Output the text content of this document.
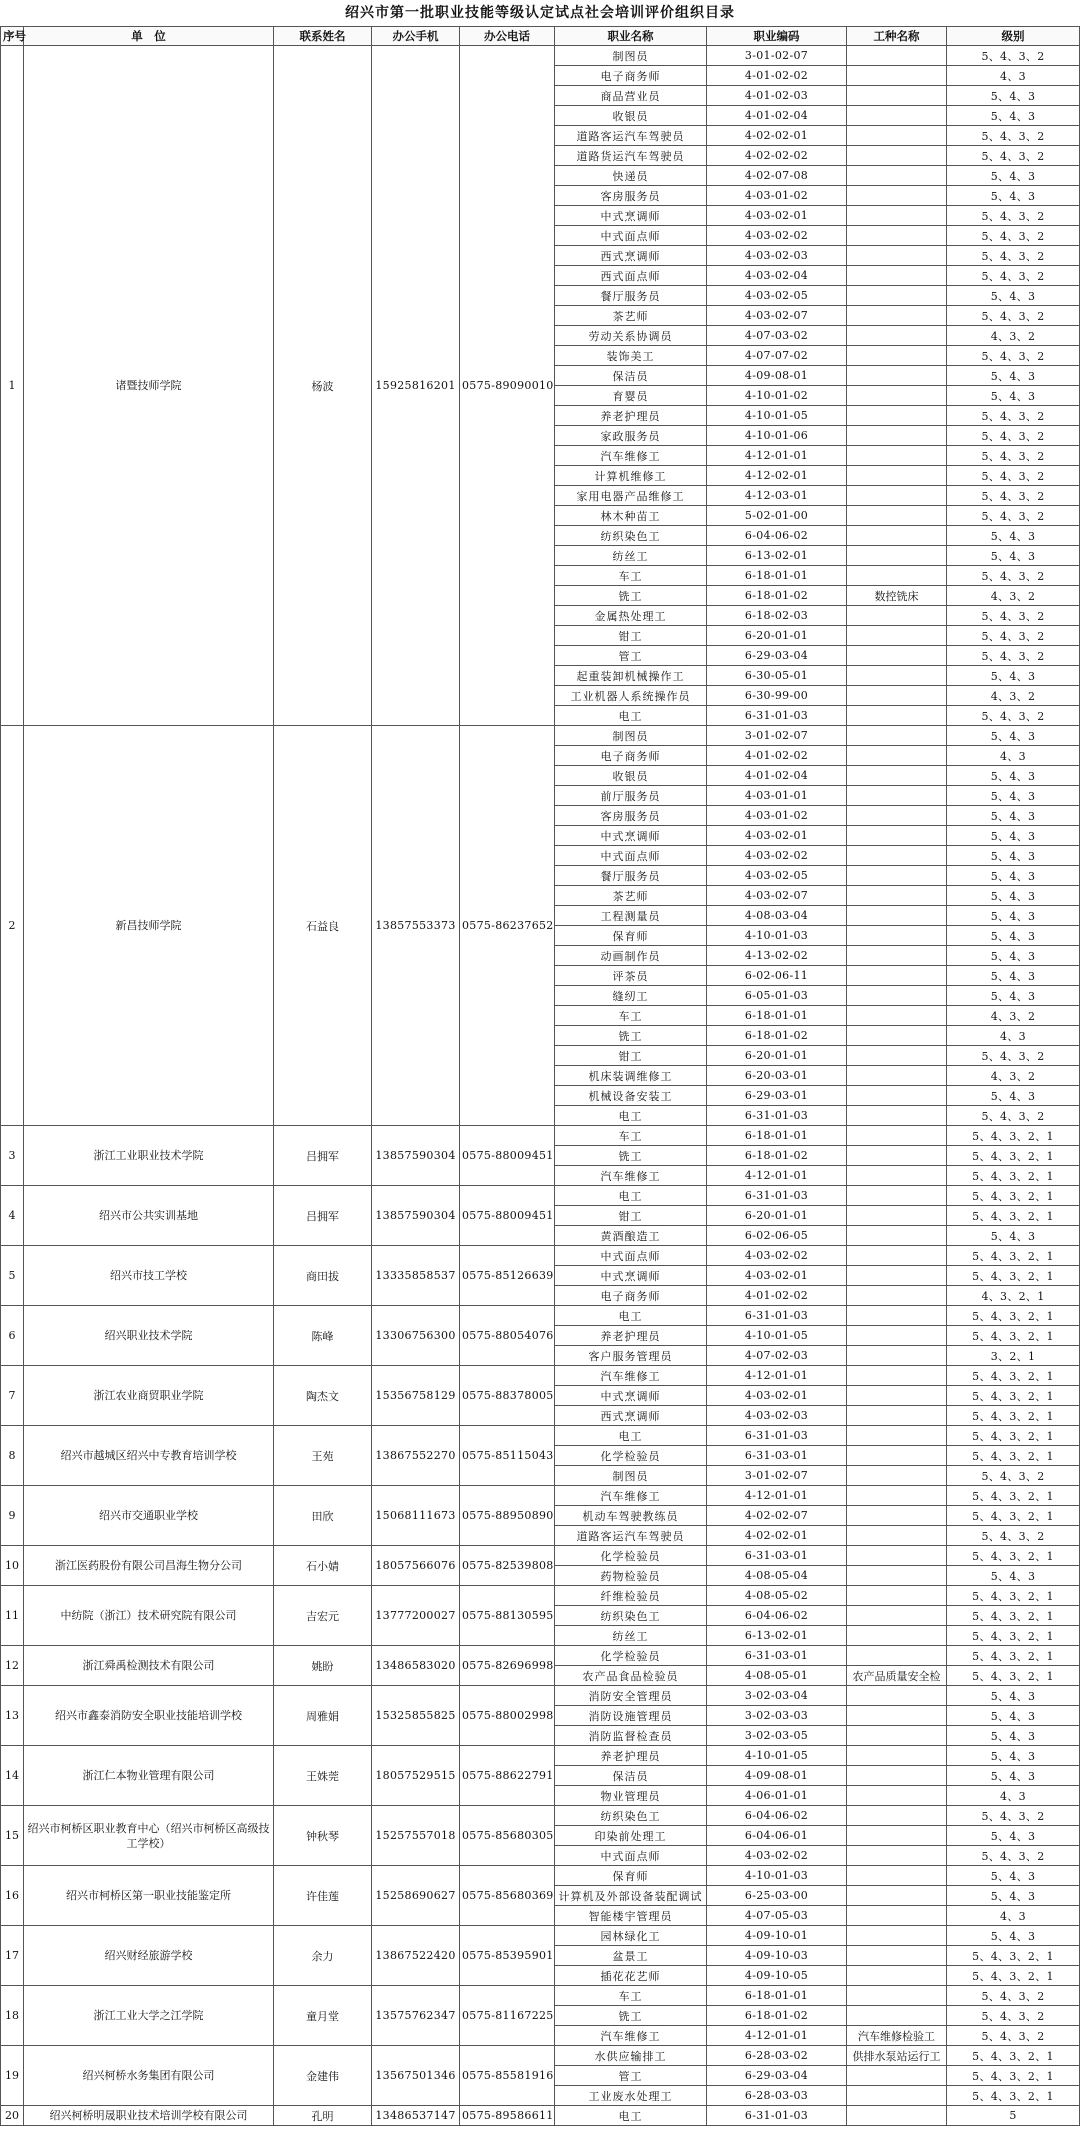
绍兴市第一批职业技能等级认定试点社会培训评价组织目录
序号	单　位	联系姓名	办公手机	办公电话	职业名称	职业编码	工种名称	级别
1	诸暨技师学院	杨波	15925816201	0575-89090010	制图员	3-01-02-07		5、4、3、2
					电子商务师	4-01-02-02		4、3
					商品营业员	4-01-02-03		5、4、3
					收银员	4-01-02-04		5、4、3
					道路客运汽车驾驶员	4-02-02-01		5、4、3、2
					道路货运汽车驾驶员	4-02-02-02		5、4、3、2
					快递员	4-02-07-08		5、4、3
					客房服务员	4-03-01-02		5、4、3
					中式烹调师	4-03-02-01		5、4、3、2
					中式面点师	4-03-02-02		5、4、3、2
					西式烹调师	4-03-02-03		5、4、3、2
					西式面点师	4-03-02-04		5、4、3、2
					餐厅服务员	4-03-02-05		5、4、3
					茶艺师	4-03-02-07		5、4、3、2
					劳动关系协调员	4-07-03-02		4、3、2
					装饰美工	4-07-07-02		5、4、3、2
					保洁员	4-09-08-01		5、4、3
					育婴员	4-10-01-02		5、4、3
					养老护理员	4-10-01-05		5、4、3、2
					家政服务员	4-10-01-06		5、4、3、2
					汽车维修工	4-12-01-01		5、4、3、2
					计算机维修工	4-12-02-01		5、4、3、2
					家用电器产品维修工	4-12-03-01		5、4、3、2
					林木种苗工	5-02-01-00		5、4、3、2
					纺织染色工	6-04-06-02		5、4、3
					纺丝工	6-13-02-01		5、4、3
					车工	6-18-01-01		5、4、3、2
					铣工	6-18-01-02	数控铣床	4、3、2
					金属热处理工	6-18-02-03		5、4、3、2
					钳工	6-20-01-01		5、4、3、2
					管工	6-29-03-04		5、4、3、2
					起重装卸机械操作工	6-30-05-01		5、4、3
					工业机器人系统操作员	6-30-99-00		4、3、2
					电工	6-31-01-03		5、4、3、2
2	新昌技师学院	石益良	13857553373	0575-86237652	制图员	3-01-02-07		5、4、3
					电子商务师	4-01-02-02		4、3
					收银员	4-01-02-04		5、4、3
					前厅服务员	4-03-01-01		5、4、3
					客房服务员	4-03-01-02		5、4、3
					中式烹调师	4-03-02-01		5、4、3
					中式面点师	4-03-02-02		5、4、3
					餐厅服务员	4-03-02-05		5、4、3
					茶艺师	4-03-02-07		5、4、3
					工程测量员	4-08-03-04		5、4、3
					保育师	4-10-01-03		5、4、3
					动画制作员	4-13-02-02		5、4、3
					评茶员	6-02-06-11		5、4、3
					缝纫工	6-05-01-03		5、4、3
					车工	6-18-01-01		4、3、2
					铣工	6-18-01-02		4、3
					钳工	6-20-01-01		5、4、3、2
					机床装调维修工	6-20-03-01		4、3、2
					机械设备安装工	6-29-03-01		5、4、3
					电工	6-31-01-03		5、4、3、2
3	浙江工业职业技术学院	吕拥军	13857590304	0575-88009451	车工	6-18-01-01		5、4、3、2、1
					铣工	6-18-01-02		5、4、3、2、1
					汽车维修工	4-12-01-01		5、4、3、2、1
4	绍兴市公共实训基地	吕拥军	13857590304	0575-88009451	电工	6-31-01-03		5、4、3、2、1
					钳工	6-20-01-01		5、4、3、2、1
					黄酒酿造工	6-02-06-05		5、4、3
5	绍兴市技工学校	商田拔	13335858537	0575-85126639	中式面点师	4-03-02-02		5、4、3、2、1
					中式烹调师	4-03-02-01		5、4、3、2、1
					电子商务师	4-01-02-02		4、3、2、1
6	绍兴职业技术学院	陈峰	13306756300	0575-88054076	电工	6-31-01-03		5、4、3、2、1
					养老护理员	4-10-01-05		5、4、3、2、1
					客户服务管理员	4-07-02-03		3、2、1
7	浙江农业商贸职业学院	陶杰文	15356758129	0575-88378005	汽车维修工	4-12-01-01		5、4、3、2、1
					中式烹调师	4-03-02-01		5、4、3、2、1
					西式烹调师	4-03-02-03		5、4、3、2、1
8	绍兴市越城区绍兴中专教育培训学校	王苑	13867552270	0575-85115043	电工	6-31-01-03		5、4、3、2、1
					化学检验员	6-31-03-01		5、4、3、2、1
					制图员	3-01-02-07		5、4、3、2
9	绍兴市交通职业学校	田欣	15068111673	0575-88950890	汽车维修工	4-12-01-01		5、4、3、2、1
					机动车驾驶教练员	4-02-02-07		5、4、3、2、1
					道路客运汽车驾驶员	4-02-02-01		5、4、3、2
10	浙江医药股份有限公司昌海生物分公司	石小婧	18057566076	0575-82539808	化学检验员	6-31-03-01		5、4、3、2、1
					药物检验员	4-08-05-04		5、4、3
11	中纺院（浙江）技术研究院有限公司	吉宏元	13777200027	0575-88130595	纤维检验员	4-08-05-02		5、4、3、2、1
					纺织染色工	6-04-06-02		5、4、3、2、1
					纺丝工	6-13-02-01		5、4、3、2、1
12	浙江舜禹检测技术有限公司	姚盼	13486583020	0575-82696998	化学检验员	6-31-03-01		5、4、3、2、1
					农产品食品检验员	4-08-05-01	农产品质量安全检	5、4、3、2、1
13	绍兴市鑫泰消防安全职业技能培训学校	周雅娟	15325855825	0575-88002998	消防安全管理员	3-02-03-04		5、4、3
					消防设施管理员	3-02-03-03		5、4、3
					消防监督检查员	3-02-03-05		5、4、3
14	浙江仁本物业管理有限公司	王姝莞	18057529515	0575-88622791	养老护理员	4-10-01-05		5、4、3
					保洁员	4-09-08-01		5、4、3
					物业管理员	4-06-01-01		4、3
15	绍兴市柯桥区职业教育中心（绍兴市柯桥区高级技工学校）	钟秋琴	15257557018	0575-85680305	纺织染色工	6-04-06-02		5、4、3、2
					印染前处理工	6-04-06-01		5、4、3
					中式面点师	4-03-02-02		5、4、3、2
16	绍兴市柯桥区第一职业技能鉴定所	许佳莲	15258690627	0575-85680369	保育师	4-10-01-03		5、4、3
					计算机及外部设备装配调试	6-25-03-00		5、4、3
					智能楼宇管理员	4-07-05-03		4、3
17	绍兴财经旅游学校	余力	13867522420	0575-85395901	园林绿化工	4-09-10-01		5、4、3
					盆景工	4-09-10-03		5、4、3、2、1
					插花花艺师	4-09-10-05		5、4、3、2、1
18	浙江工业大学之江学院	童月堂	13575762347	0575-81167225	车工	6-18-01-01		5、4、3、2
					铣工	6-18-01-02		5、4、3、2
					汽车维修工	4-12-01-01	汽车维修检验工	5、4、3、2
19	绍兴柯桥水务集团有限公司	金建伟	13567501346	0575-85581916	水供应输排工	6-28-03-02	供排水泵站运行工	5、4、3、2、1
					管工	6-29-03-04		5、4、3、2、1
					工业废水处理工	6-28-03-03		5、4、3、2、1
20	绍兴柯桥明晟职业技术培训学校有限公司	孔明	13486537147	0575-89586611	电工	6-31-01-03		5
